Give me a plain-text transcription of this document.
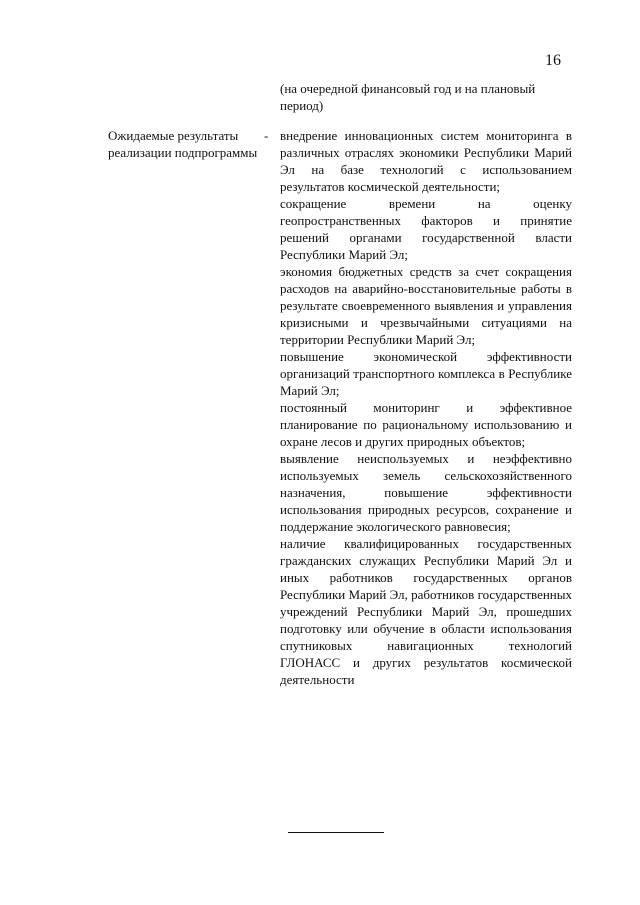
16
(на очередной финансовый год и на плановый период)
Ожидаемые результаты реализации подпрограммы
- внедрение инновационных систем мониторинга в различных отраслях экономики Республики Марий Эл на базе технологий с использованием результатов космической деятельности;
сокращение времени на оценку геопространственных факторов и принятие решений органами государственной власти Республики Марий Эл;
экономия бюджетных средств за счет сокращения расходов на аварийно-восстановительные работы в результате своевременного выявления и управления кризисными и чрезвычайными ситуациями на территории Республики Марий Эл;
повышение экономической эффективности организаций транспортного комплекса в Республике Марий Эл;
постоянный мониторинг и эффективное планирование по рациональному использованию и охране лесов и других природных объектов;
выявление неиспользуемых и неэффективно используемых земель сельскохозяйственного назначения, повышение эффективности использования природных ресурсов, сохранение и поддержание экологического равновесия;
наличие квалифицированных государственных гражданских служащих Республики Марий Эл и иных работников государственных органов Республики Марий Эл, работников государственных учреждений Республики Марий Эл, прошедших подготовку или обучение в области использования спутниковых навигационных технологий ГЛОНАСС и других результатов космической деятельности
